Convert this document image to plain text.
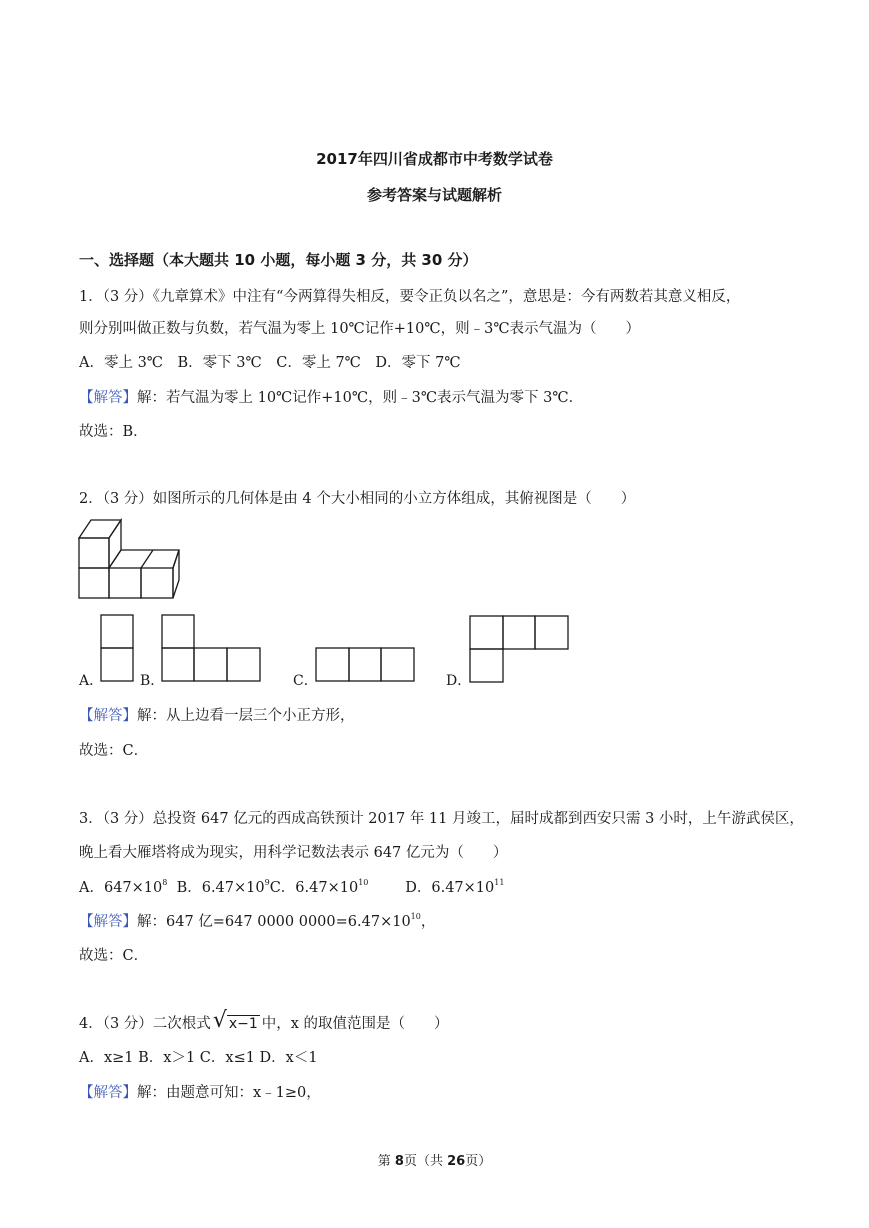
2017年四川省成都市中考数学试卷
参考答案与试题解析
一、选择题（本大题共 10 小题，每小题 3 分，共 30 分）
1．（3 分）《九章算术》中注有“今两算得失相反，要令正负以名之”，意思是：今有两数若其意义相反，
则分别叫做正数与负数，若气温为零上 10℃记作+10℃，则﹣3℃表示气温为（　　）
A．零上 3℃　B．零下 3℃　C．零上 7℃　D．零下 7℃
【解答】解：若气温为零上 10℃记作+10℃，则﹣3℃表示气温为零下 3℃．
故选：B．
2．（3 分）如图所示的几何体是由 4 个大小相同的小立方体组成，其俯视图是（　　）
A．	B．	C．	D．
【解答】解：从上边看一层三个小正方形，
故选：C．
3．（3 分）总投资 647 亿元的西成高铁预计 2017 年 11 月竣工，届时成都到西安只需 3 小时，上午游武侯区，
晚上看大雁塔将成为现实，用科学记数法表示 647 亿元为（　　）
A．$647\times 10^8$ B．$6.47\times 10^9C$．$6.47\times 10^{10}$	D．$6.47\times 10^{11}$
【解答】解：647 亿=647 0000 $0000=6.47\times 10^{10}$，
故选：C．
4．（3 分）二次根式 √ x−1 中，x 的取值范围是（　　）
A．x≥1 B．x＞1 C．x≤1 D．x＜1
【解答】解：由题意可知：x﹣1≥0，
第 8页（共 26页）
